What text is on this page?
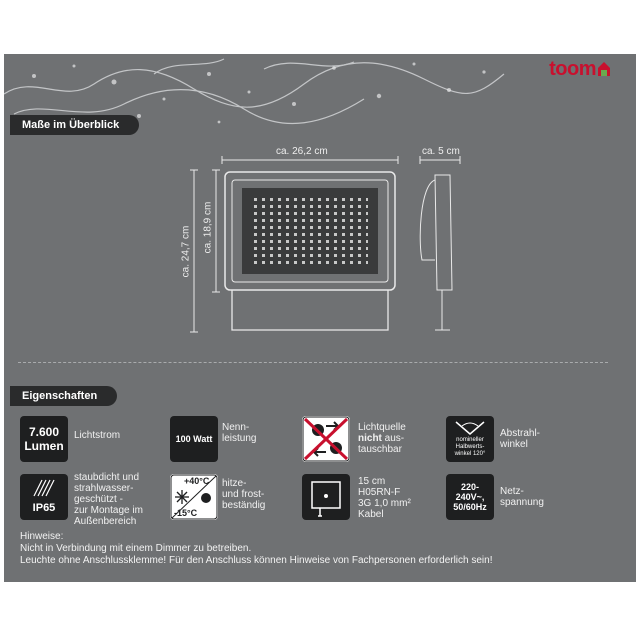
toom
Maße im Überblick
ca. 26,2 cm	ca. 5 cm
ca. 24,7 cm ca. 18,9 cm
Eigenschaften
7.600
Lumen
Lichtstrom	100 Watt
Nenn-
leistung
Lichtquelle
nicht aus-
tauschbar
nomineller
Halbwerts-
winkel 120°
Abstrahl-
winkel
IP65
staubdicht und
strahlwasser-
geschützt -
zur Montage im
Außenbereich
+40°C
-15°C
hitze-
und frost-
beständig
15 cm
H05RN-F
3G 1,0 mm²
Kabel
220-
240V~,
50/60Hz
Netz-
spannung
Hinweise:
Nicht in Verbindung mit einem Dimmer zu betreiben.
Leuchte ohne Anschlussklemme! Für den Anschluss können Hinweise von Fachpersonen erforderlich sein!
